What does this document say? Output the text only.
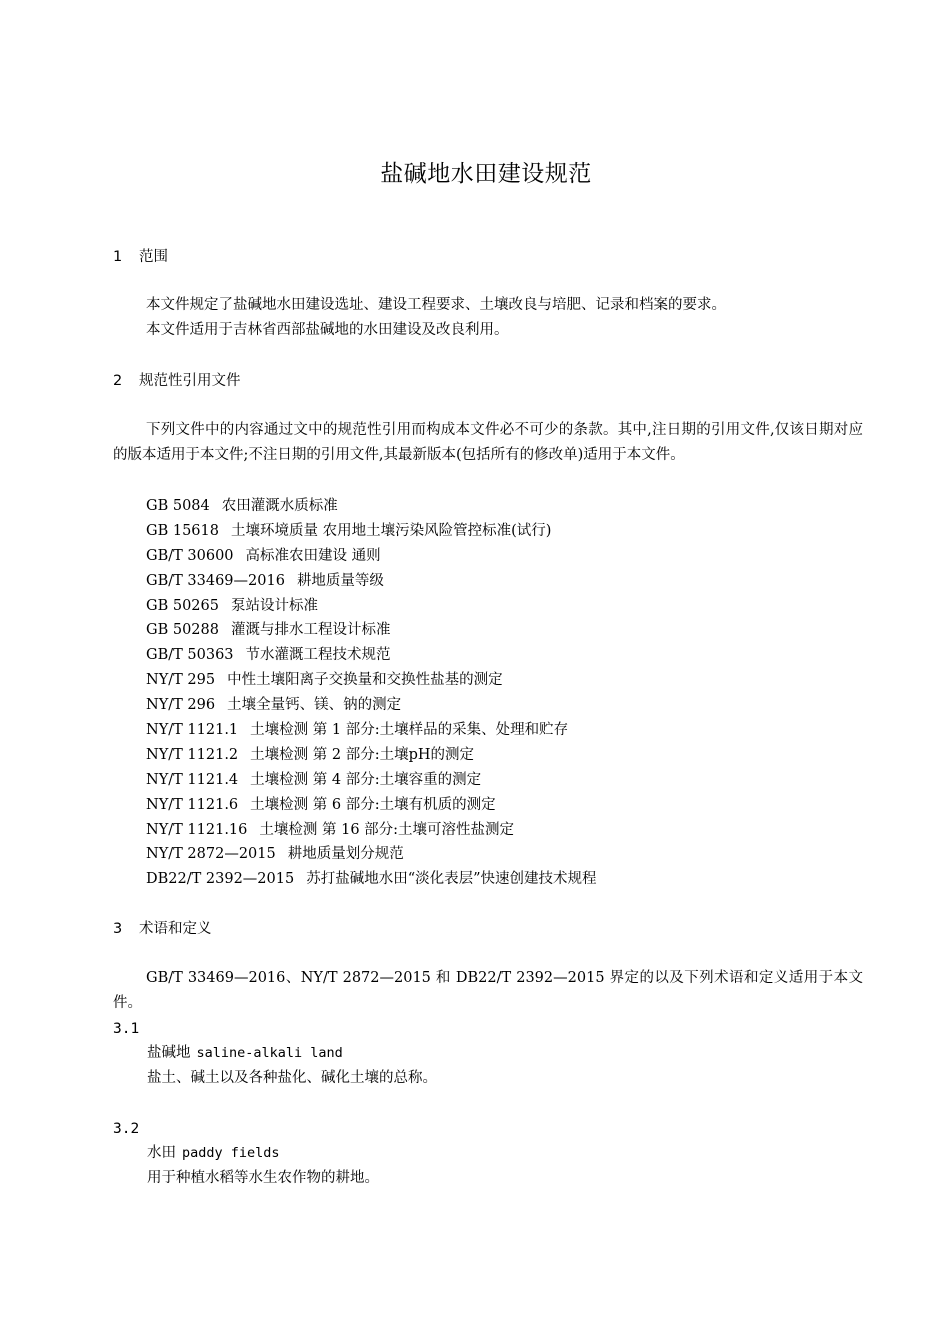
盐碱地水田建设规范
1 范围

本文件规定了盐碱地水田建设选址、建设工程要求、土壤改良与培肥、记录和档案的要求。

本文件适用于吉林省西部盐碱地的水田建设及改良利用。

2 规范性引用文件

下列文件中的内容通过文中的规范性引用而构成本文件必不可少的条款。其中,注日期的引用文件,仅该日期对应的版本适用于本文件;不注日期的引用文件,其最新版本(包括所有的修改单)适用于本文件。

GB 5084 农田灌溉水质标准
GB 15618 土壤环境质量 农用地土壤污染风险管控标准(试行)
GB/T 30600 高标准农田建设 通则
GB/T 33469—2016 耕地质量等级
GB 50265 泵站设计标准
GB 50288 灌溉与排水工程设计标准
GB/T 50363 节水灌溉工程技术规范
NY/T 295 中性土壤阳离子交换量和交换性盐基的测定
NY/T 296 土壤全量钙、镁、钠的测定
NY/T 1121.1 土壤检测 第 1 部分:土壤样品的采集、处理和贮存
NY/T 1121.2 土壤检测 第 2 部分:土壤pH的测定
NY/T 1121.4 土壤检测 第 4 部分:土壤容重的测定
NY/T 1121.6 土壤检测 第 6 部分:土壤有机质的测定
NY/T 1121.16 土壤检测 第 16 部分:土壤可溶性盐测定
NY/T 2872—2015 耕地质量划分规范
DB22/T 2392—2015 苏打盐碱地水田“淡化表层”快速创建技术规程
3 术语和定义

GB/T 33469—2016、NY/T 2872—2015 和 DB22/T 2392—2015 界定的以及下列术语和定义适用于本文件。

3.1
盐碱地 saline-alkali land
盐土、碱土以及各种盐化、碱化土壤的总称。
3.2
水田 paddy fields
用于种植水稻等水生农作物的耕地。
